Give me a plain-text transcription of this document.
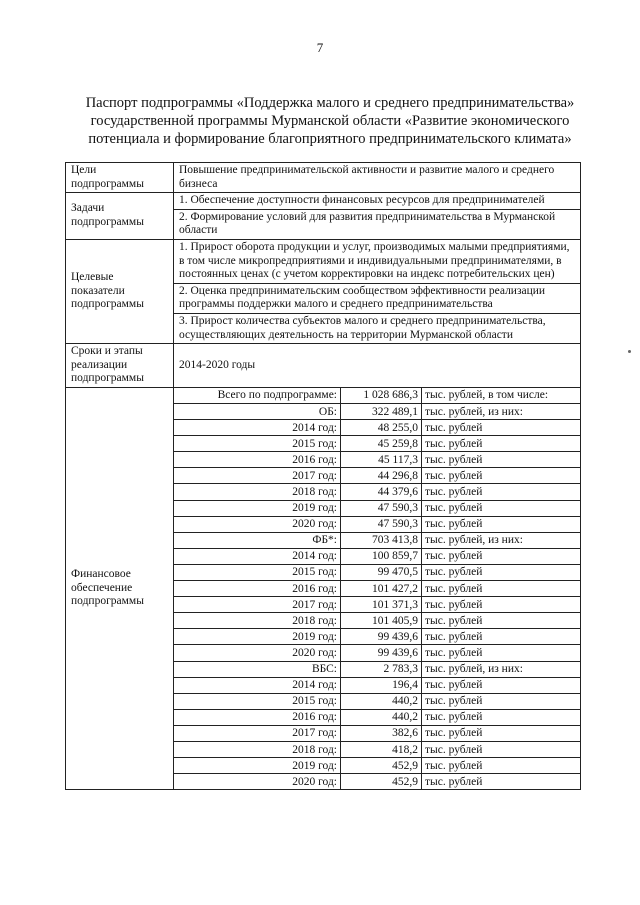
7
Паспорт подпрограммы «Поддержка малого и среднего предпринимательства»
государственной программы Мурманской области «Развитие экономического
потенциала и формирование благоприятного предпринимательского климата»
Цели подпрограммы	Повышение предпринимательской активности и развитие малого и среднего бизнеса
Задачи подпрограммы	1. Обеспечение доступности финансовых ресурсов для предпринимателей
2. Формирование условий для развития предпринимательства в Мурманской области
Целевые показатели подпрограммы	1. Прирост оборота продукции и услуг, производимых малыми предприятиями, в том числе микропредприятиями и индивидуальными предпринимателями, в постоянных ценах (с учетом корректировки на индекс потребительских цен)
2. Оценка предпринимательским сообществом эффективности реализации программы поддержки малого и среднего предпринимательства
3. Прирост количества субъектов малого и среднего предпринимательства, осуществляющих деятельность на территории Мурманской области
Сроки и этапы реализации подпрограммы	2014-2020 годы
Финансовое обеспечение подпрограммы	
Всего по подпрограмме:	1 028 686,3	тыс. рублей, в том числе:
ОБ:	322 489,1	тыс. рублей, из них:
2014 год:	48 255,0	тыс. рублей
2015 год:	45 259,8	тыс. рублей
2016 год:	45 117,3	тыс. рублей
2017 год:	44 296,8	тыс. рублей
2018 год:	44 379,6	тыс. рублей
2019 год:	47 590,3	тыс. рублей
2020 год:	47 590,3	тыс. рублей
ФБ*:	703 413,8	тыс. рублей, из них:
2014 год:	100 859,7	тыс. рублей
2015 год:	99 470,5	тыс. рублей
2016 год:	101 427,2	тыс. рублей
2017 год:	101 371,3	тыс. рублей
2018 год:	101 405,9	тыс. рублей
2019 год:	99 439,6	тыс. рублей
2020 год:	99 439,6	тыс. рублей
ВБС:	2 783,3	тыс. рублей, из них:
2014 год:	196,4	тыс. рублей
2015 год:	440,2	тыс. рублей
2016 год:	440,2	тыс. рублей
2017 год:	382,6	тыс. рублей
2018 год:	418,2	тыс. рублей
2019 год:	452,9	тыс. рублей
2020 год:	452,9	тыс. рублей
